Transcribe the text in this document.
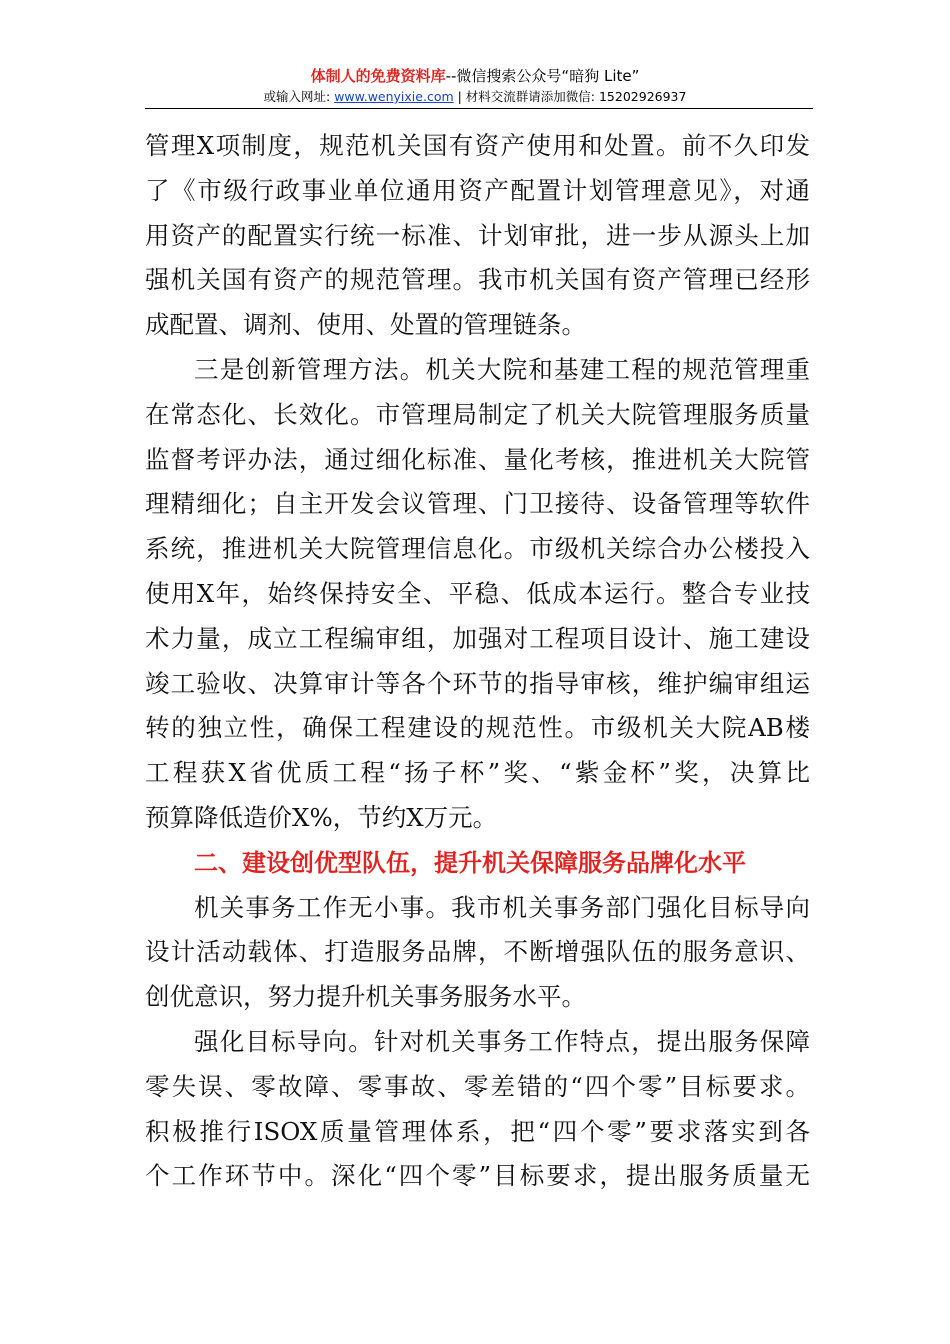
体制人的免费资料库--微信搜索公众号“暗狗 Lite”
或输入网址: www.wenyixie.com | 材料交流群请添加微信: 15202926937
管理X项制度，规范机关国有资产使用和处置。前不久印发
了《市级行政事业单位通用资产配置计划管理意见》，对通
用资产的配置实行统一标准、计划审批，进一步从源头上加
强机关国有资产的规范管理。我市机关国有资产管理已经形
成配置、调剂、使用、处置的管理链条。
三是创新管理方法。机关大院和基建工程的规范管理重
在常态化、长效化。市管理局制定了机关大院管理服务质量
监督考评办法，通过细化标准、量化考核，推进机关大院管
理精细化；自主开发会议管理、门卫接待、设备管理等软件
系统，推进机关大院管理信息化。市级机关综合办公楼投入
使用X年，始终保持安全、平稳、低成本运行。整合专业技
术力量，成立工程编审组，加强对工程项目设计、施工建设
竣工验收、决算审计等各个环节的指导审核，维护编审组运
转的独立性，确保工程建设的规范性。市级机关大院AB楼
工程获X省优质工程“扬子杯”奖、“紫金杯”奖，决算比
预算降低造价X%，节约X万元。
二、建设创优型队伍，提升机关保障服务品牌化水平
机关事务工作无小事。我市机关事务部门强化目标导向
设计活动载体、打造服务品牌，不断增强队伍的服务意识、
创优意识，努力提升机关事务服务水平。
强化目标导向。针对机关事务工作特点，提出服务保障
零失误、零故障、零事故、零差错的“四个零”目标要求。
积极推行ISOX质量管理体系，把“四个零”要求落实到各
个工作环节中。深化“四个零”目标要求，提出服务质量无
